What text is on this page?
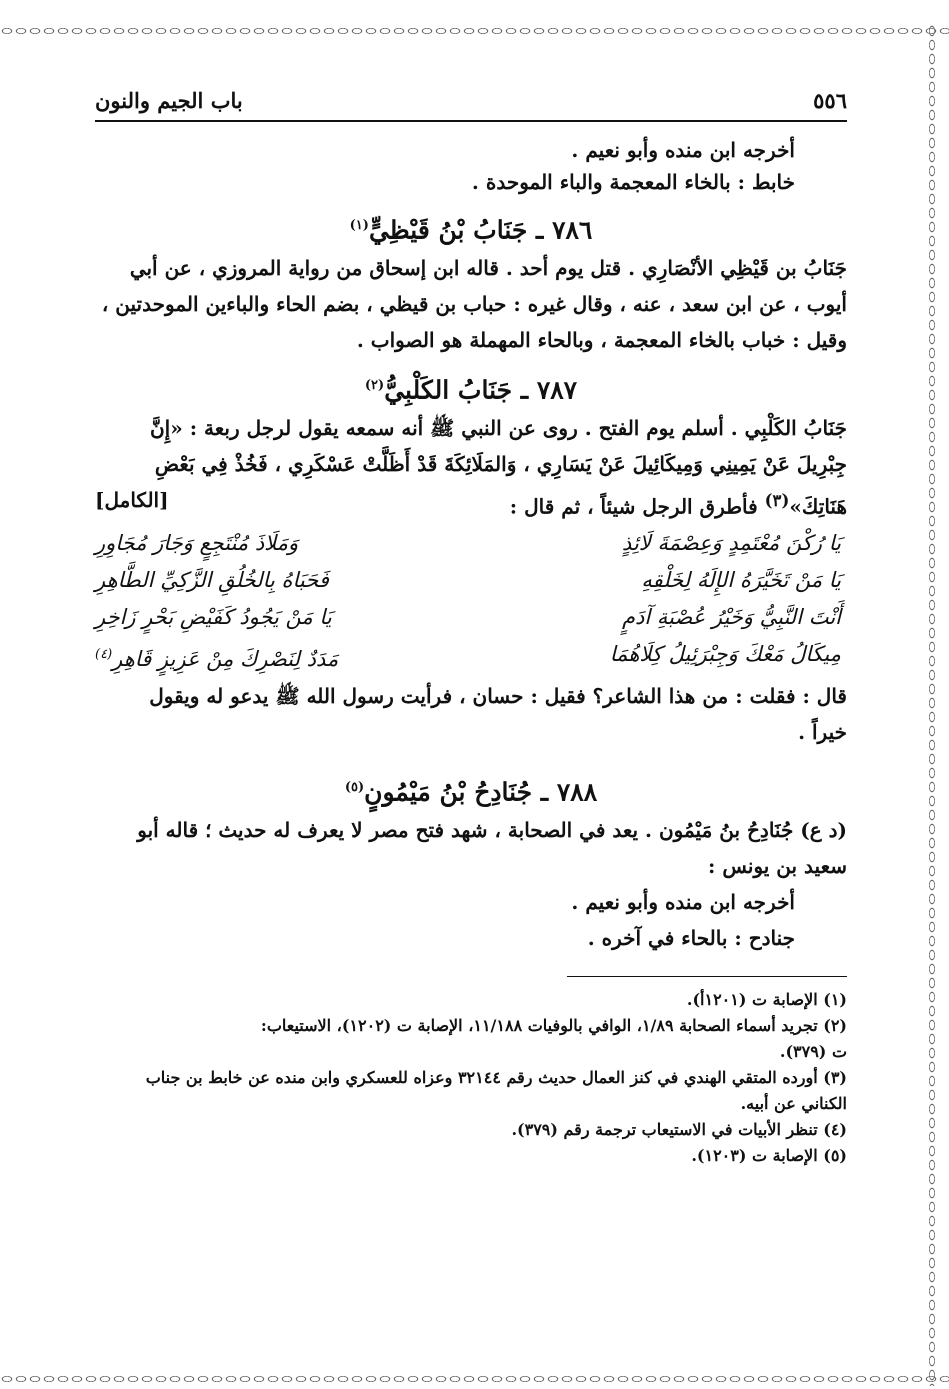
٥٥٦
باب الجيم والنون
أخرجه ابن منده وأبو نعيم .
خابط : بالخاء المعجمة والباء الموحدة .
٧٨٦ ـ جَنَابُ بْنُ قَيْظِيٍّ$^{(١)}$
جَنَابُ بن قَيْظِي الأنْصَارِي . قتل يوم أحد . قاله ابن إسحاق من رواية المروزي ، عن أبي
أيوب ، عن ابن سعد ، عنه ، وقال غيره : حباب بن قيظي ، بضم الحاء والباءين الموحدتين ،
وقيل : خباب بالخاء المعجمة ، وبالحاء المهملة هو الصواب .
٧٨٧ ـ جَنَابُ الكَلْبِيُّ$^{(٢)}$
جَنَابُ الكَلْبِي . أسلم يوم الفتح . روى عن النبي ﷺ أنه سمعه يقول لرجل ربعة : «إِنَّ
جِبْرِيلَ عَنْ يَمِينِي وَمِيكَائِيلَ عَنْ يَسَارِي ، وَالمَلَائِكَةَ قَدْ أَظَلَّتْ عَسْكَرِي ، فَخُذْ فِي بَعْضِ
هَنَاتِكَ»$^{(٣)}$ فأطرق الرجل شيئاً ، ثم قال :
[الكامل]
يَا رُكْنَ مُعْتَمِدٍ وَعِصْمَةَ لَائِذٍ
وَمَلَاذَ مُنْتَجِعٍ وَجَارَ مُجَاوِرِ
يَا مَنْ تَخَيَّرَهُ الإِلَهُ لِخَلْقِهِ
فَحَبَاهُ بِالخُلُقِ الزَّكِيِّ الطَّاهِرِ
أَنْتَ النَّبِيُّ وَخَيْرُ عُصْبَةِ آدَمٍ
يَا مَنْ يَجُودُ كَفَيْضِ بَحْرٍ زَاخِرِ
مِيكَالُ مَعْكَ وَجِبْرَئِيلُ كِلَاهُمَا
مَدَدٌ لِنَصْرِكَ مِنْ عَزِيزٍ قَاهِرِ$^{(٤)}$
قال : فقلت : من هذا الشاعر؟ فقيل : حسان ، فرأيت رسول الله ﷺ يدعو له ويقول
خيراً .
٧٨٨ ـ جُنَادِحُ بْنُ مَيْمُونٍ$^{(٥)}$
(د ع) جُنَادِحُ بنُ مَيْمُون . يعد في الصحابة ، شهد فتح مصر لا يعرف له حديث ؛ قاله أبو
سعيد بن يونس :
أخرجه ابن منده وأبو نعيم .
جنادح : بالحاء في آخره .
(١) الإصابة ت (١٢٠١أ).
(٢) تجريد أسماء الصحابة ١/٨٩، الوافي بالوفيات ١١/١٨٨، الإصابة ت (١٢٠٢)، الاستيعاب:
ت (٣٧٩).
(٣) أورده المتقي الهندي في كنز العمال حديث رقم ٣٢١٤٤ وعزاه للعسكري وابن منده عن خابط بن جناب
الكناني عن أبيه.
(٤) تنظر الأبيات في الاستيعاب ترجمة رقم (٣٧٩).
(٥) الإصابة ت (١٢٠٣).
